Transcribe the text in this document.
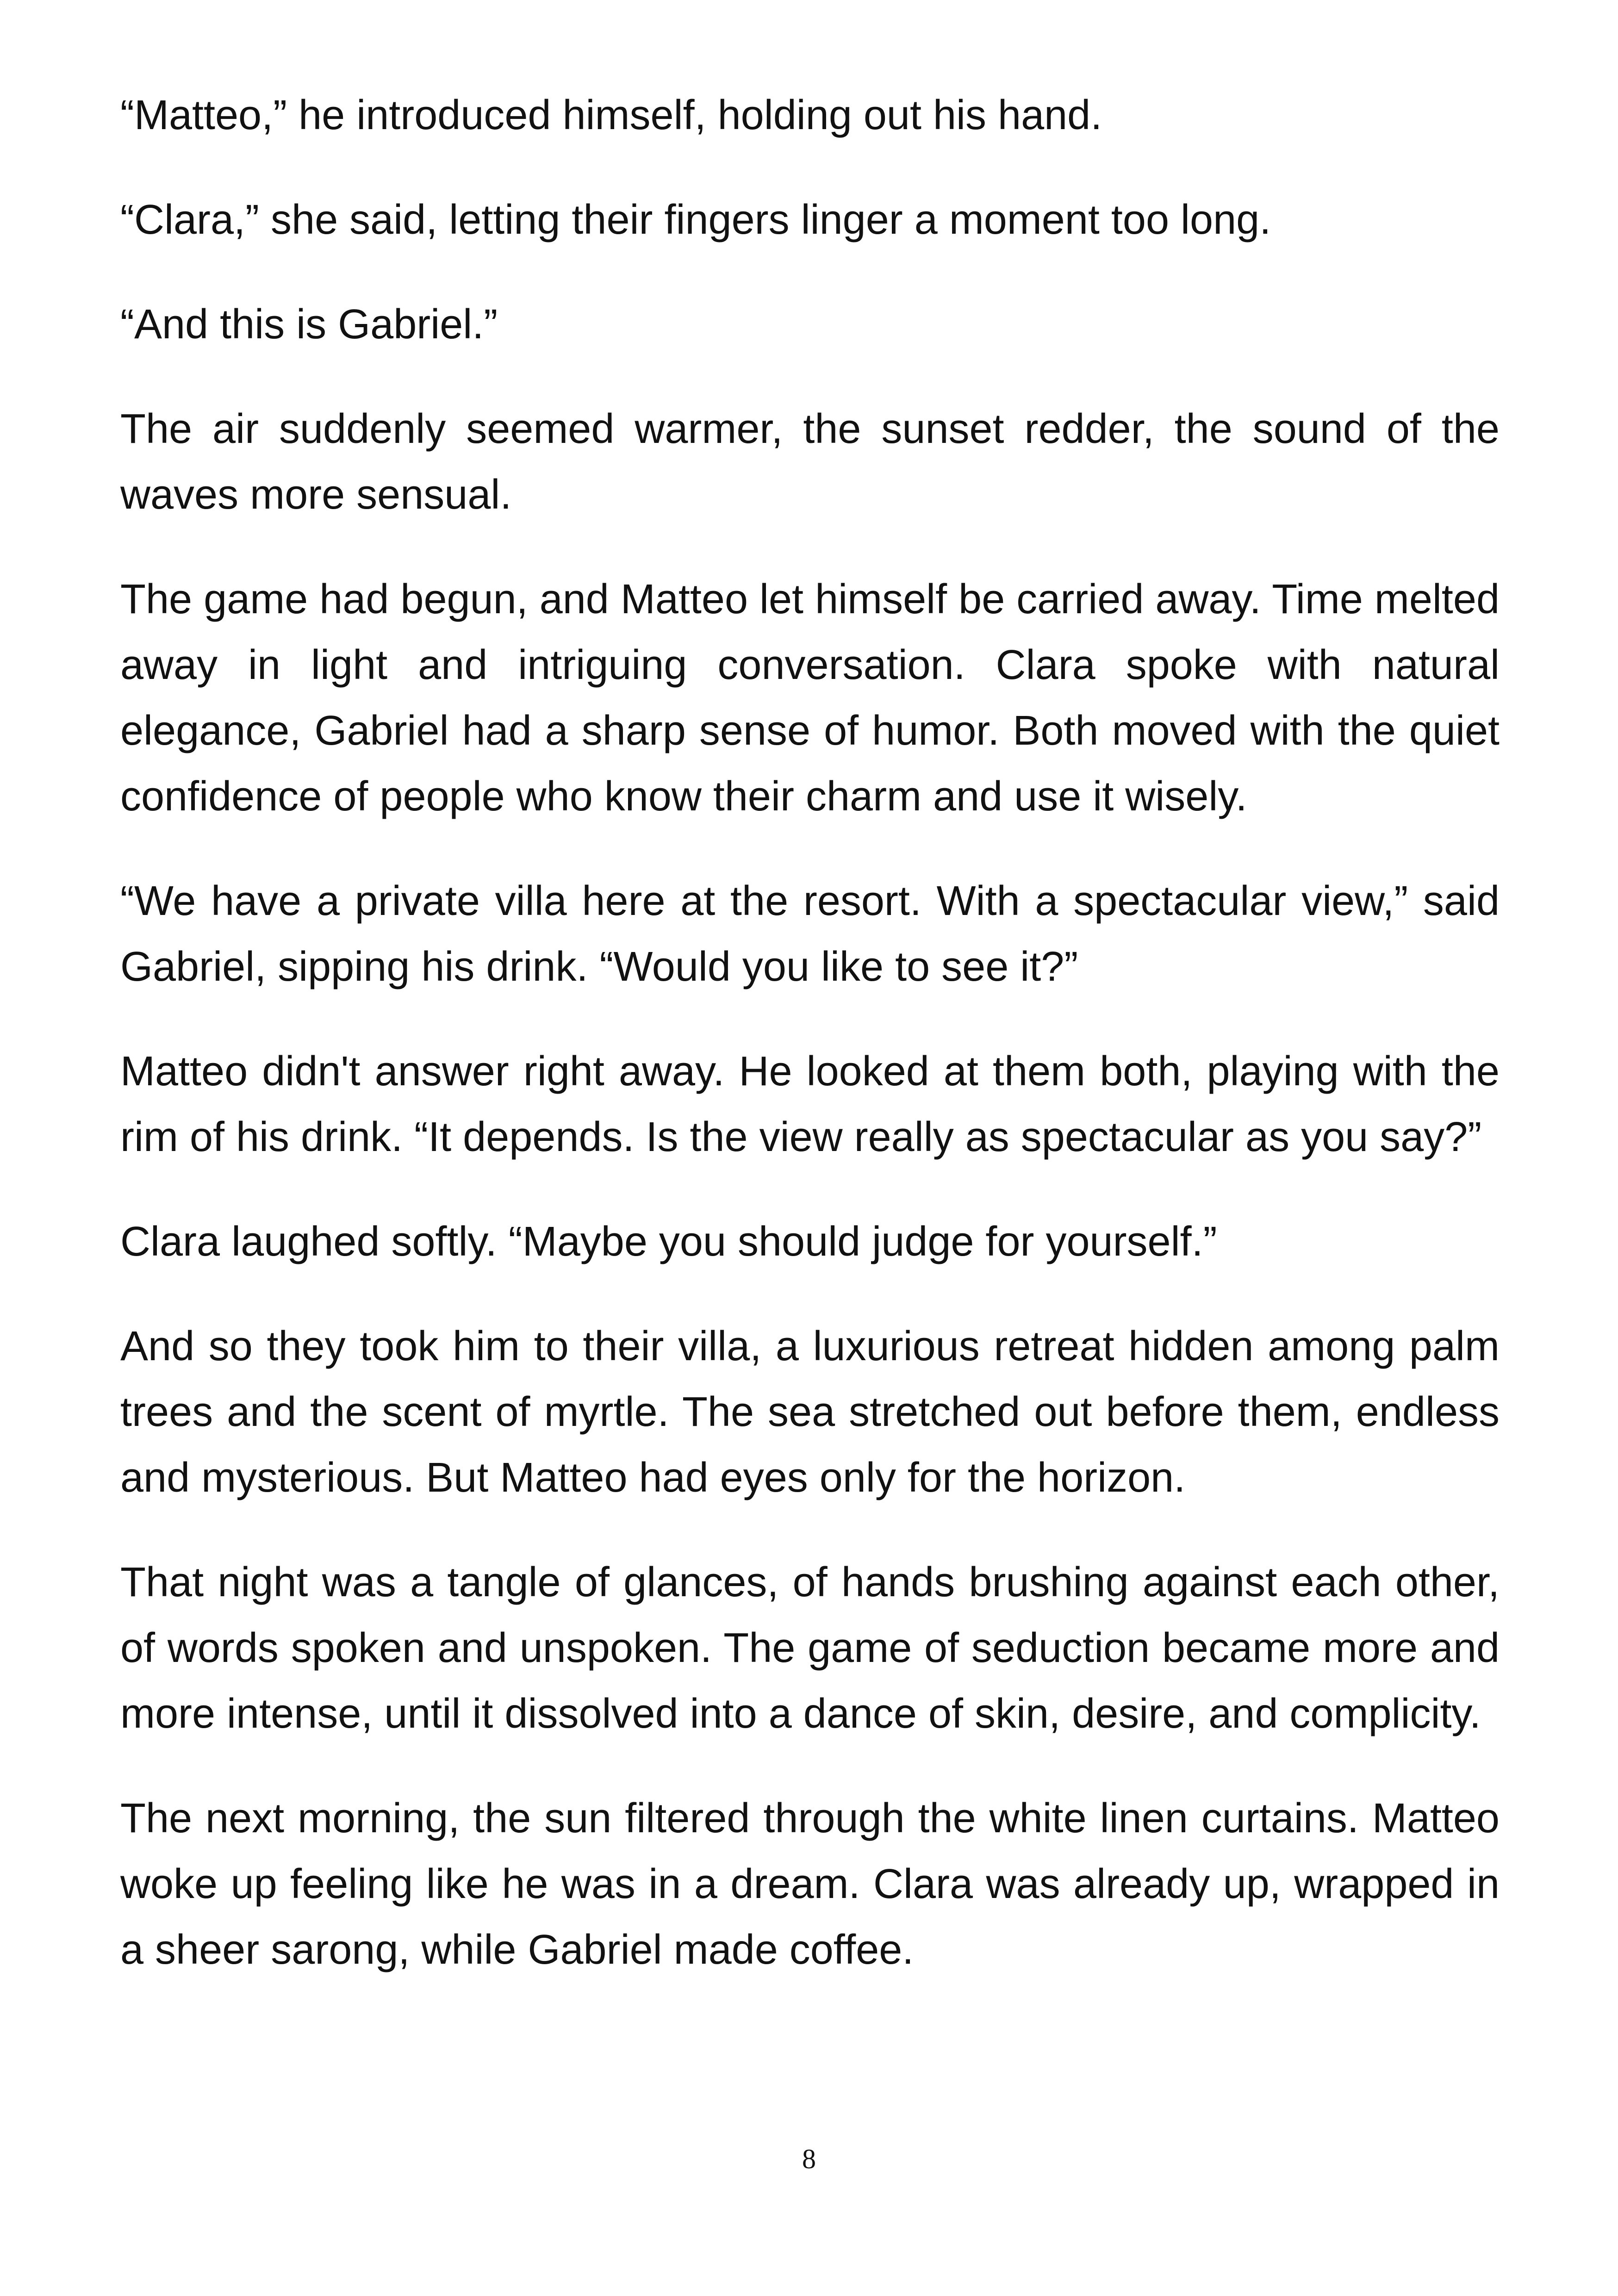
“Matteo,” he introduced himself, holding out his hand.

“Clara,” she said, letting their fingers linger a moment too long.

“And this is Gabriel.”

The air suddenly seemed warmer, the sunset redder, the sound of the waves more sensual.

The game had begun, and Matteo let himself be carried away. Time melted away in light and intriguing conversation. Clara spoke with natural elegance, Gabriel had a sharp sense of humor. Both moved with the quiet confidence of people who know their charm and use it wisely.

“We have a private villa here at the resort. With a spectacular view,” said Gabriel, sipping his drink. “Would you like to see it?”

Matteo didn't answer right away. He looked at them both, playing with the rim of his drink. “It depends. Is the view really as spectacular as you say?”

Clara laughed softly. “Maybe you should judge for yourself.”

And so they took him to their villa, a luxurious retreat hidden among palm trees and the scent of myrtle. The sea stretched out before them, endless and mysterious. But Matteo had eyes only for the horizon.

That night was a tangle of glances, of hands brushing against each other, of words spoken and unspoken. The game of seduction became more and more intense, until it dissolved into a dance of skin, desire, and complicity.

The next morning, the sun filtered through the white linen curtains. Matteo woke up feeling like he was in a dream. Clara was already up, wrapped in a sheer sarong, while Gabriel made coffee.

8
